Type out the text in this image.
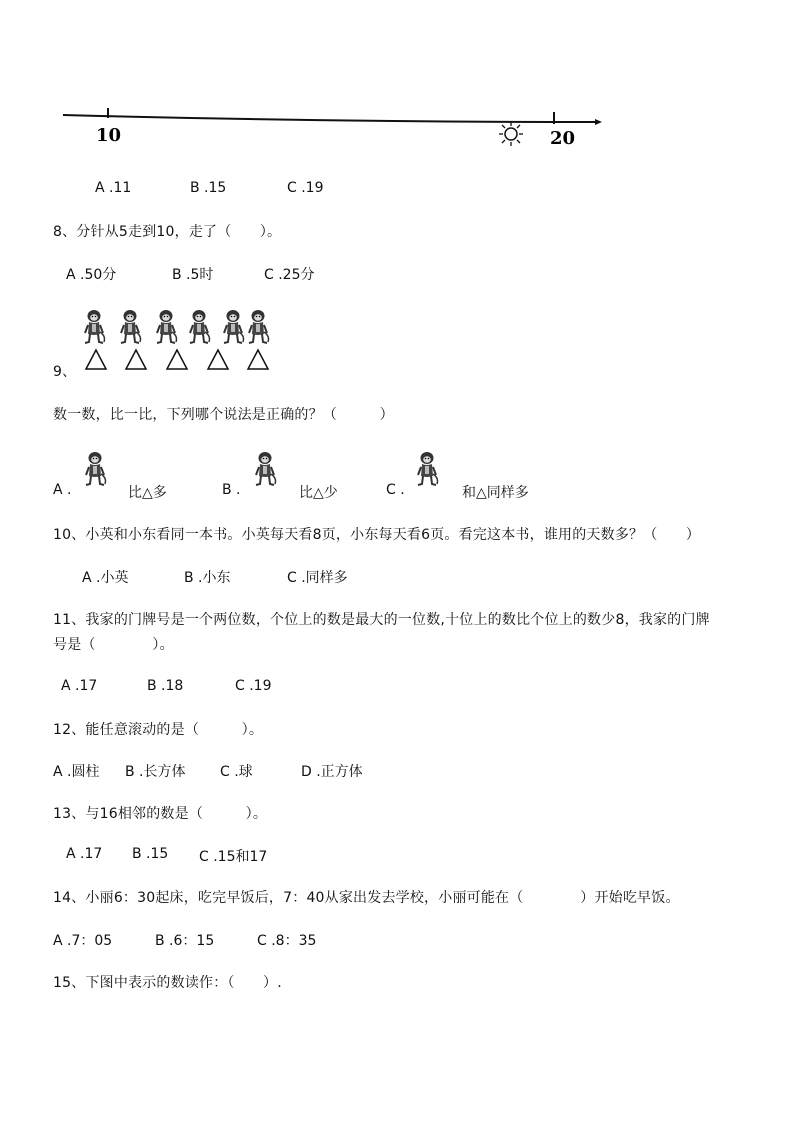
10	20
A .11	B .15	C .19
8、分针从5走到10，走了（　　）。
A .50分	B .5时	C .25分
9、
数一数，比一比，下列哪个说法是正确的？（　　　）
A .	比△多	B .	比△少	C .	和△同样多
10、小英和小东看同一本书。小英每天看8页，小东每天看6页。看完这本书，谁用的天数多？（　　）
A .小英	B .小东	C .同样多
11、我家的门牌号是一个两位数，个位上的数是最大的一位数,十位上的数比个位上的数少8，我家的门牌
号是（　　　　）。
A .17	B .18	C .19
12、能任意滚动的是（　　　）。
A .圆柱 B .长方体 C .球	D .正方体
13、与16相邻的数是（　　　）。
A .17 B .15 C .15和17
14、小丽6：30起床，吃完早饭后，7：40从家出发去学校，小丽可能在（　　　　）开始吃早饭。
A .7：05	B .6：15	C .8：35
15、下图中表示的数读作：（　　）.
